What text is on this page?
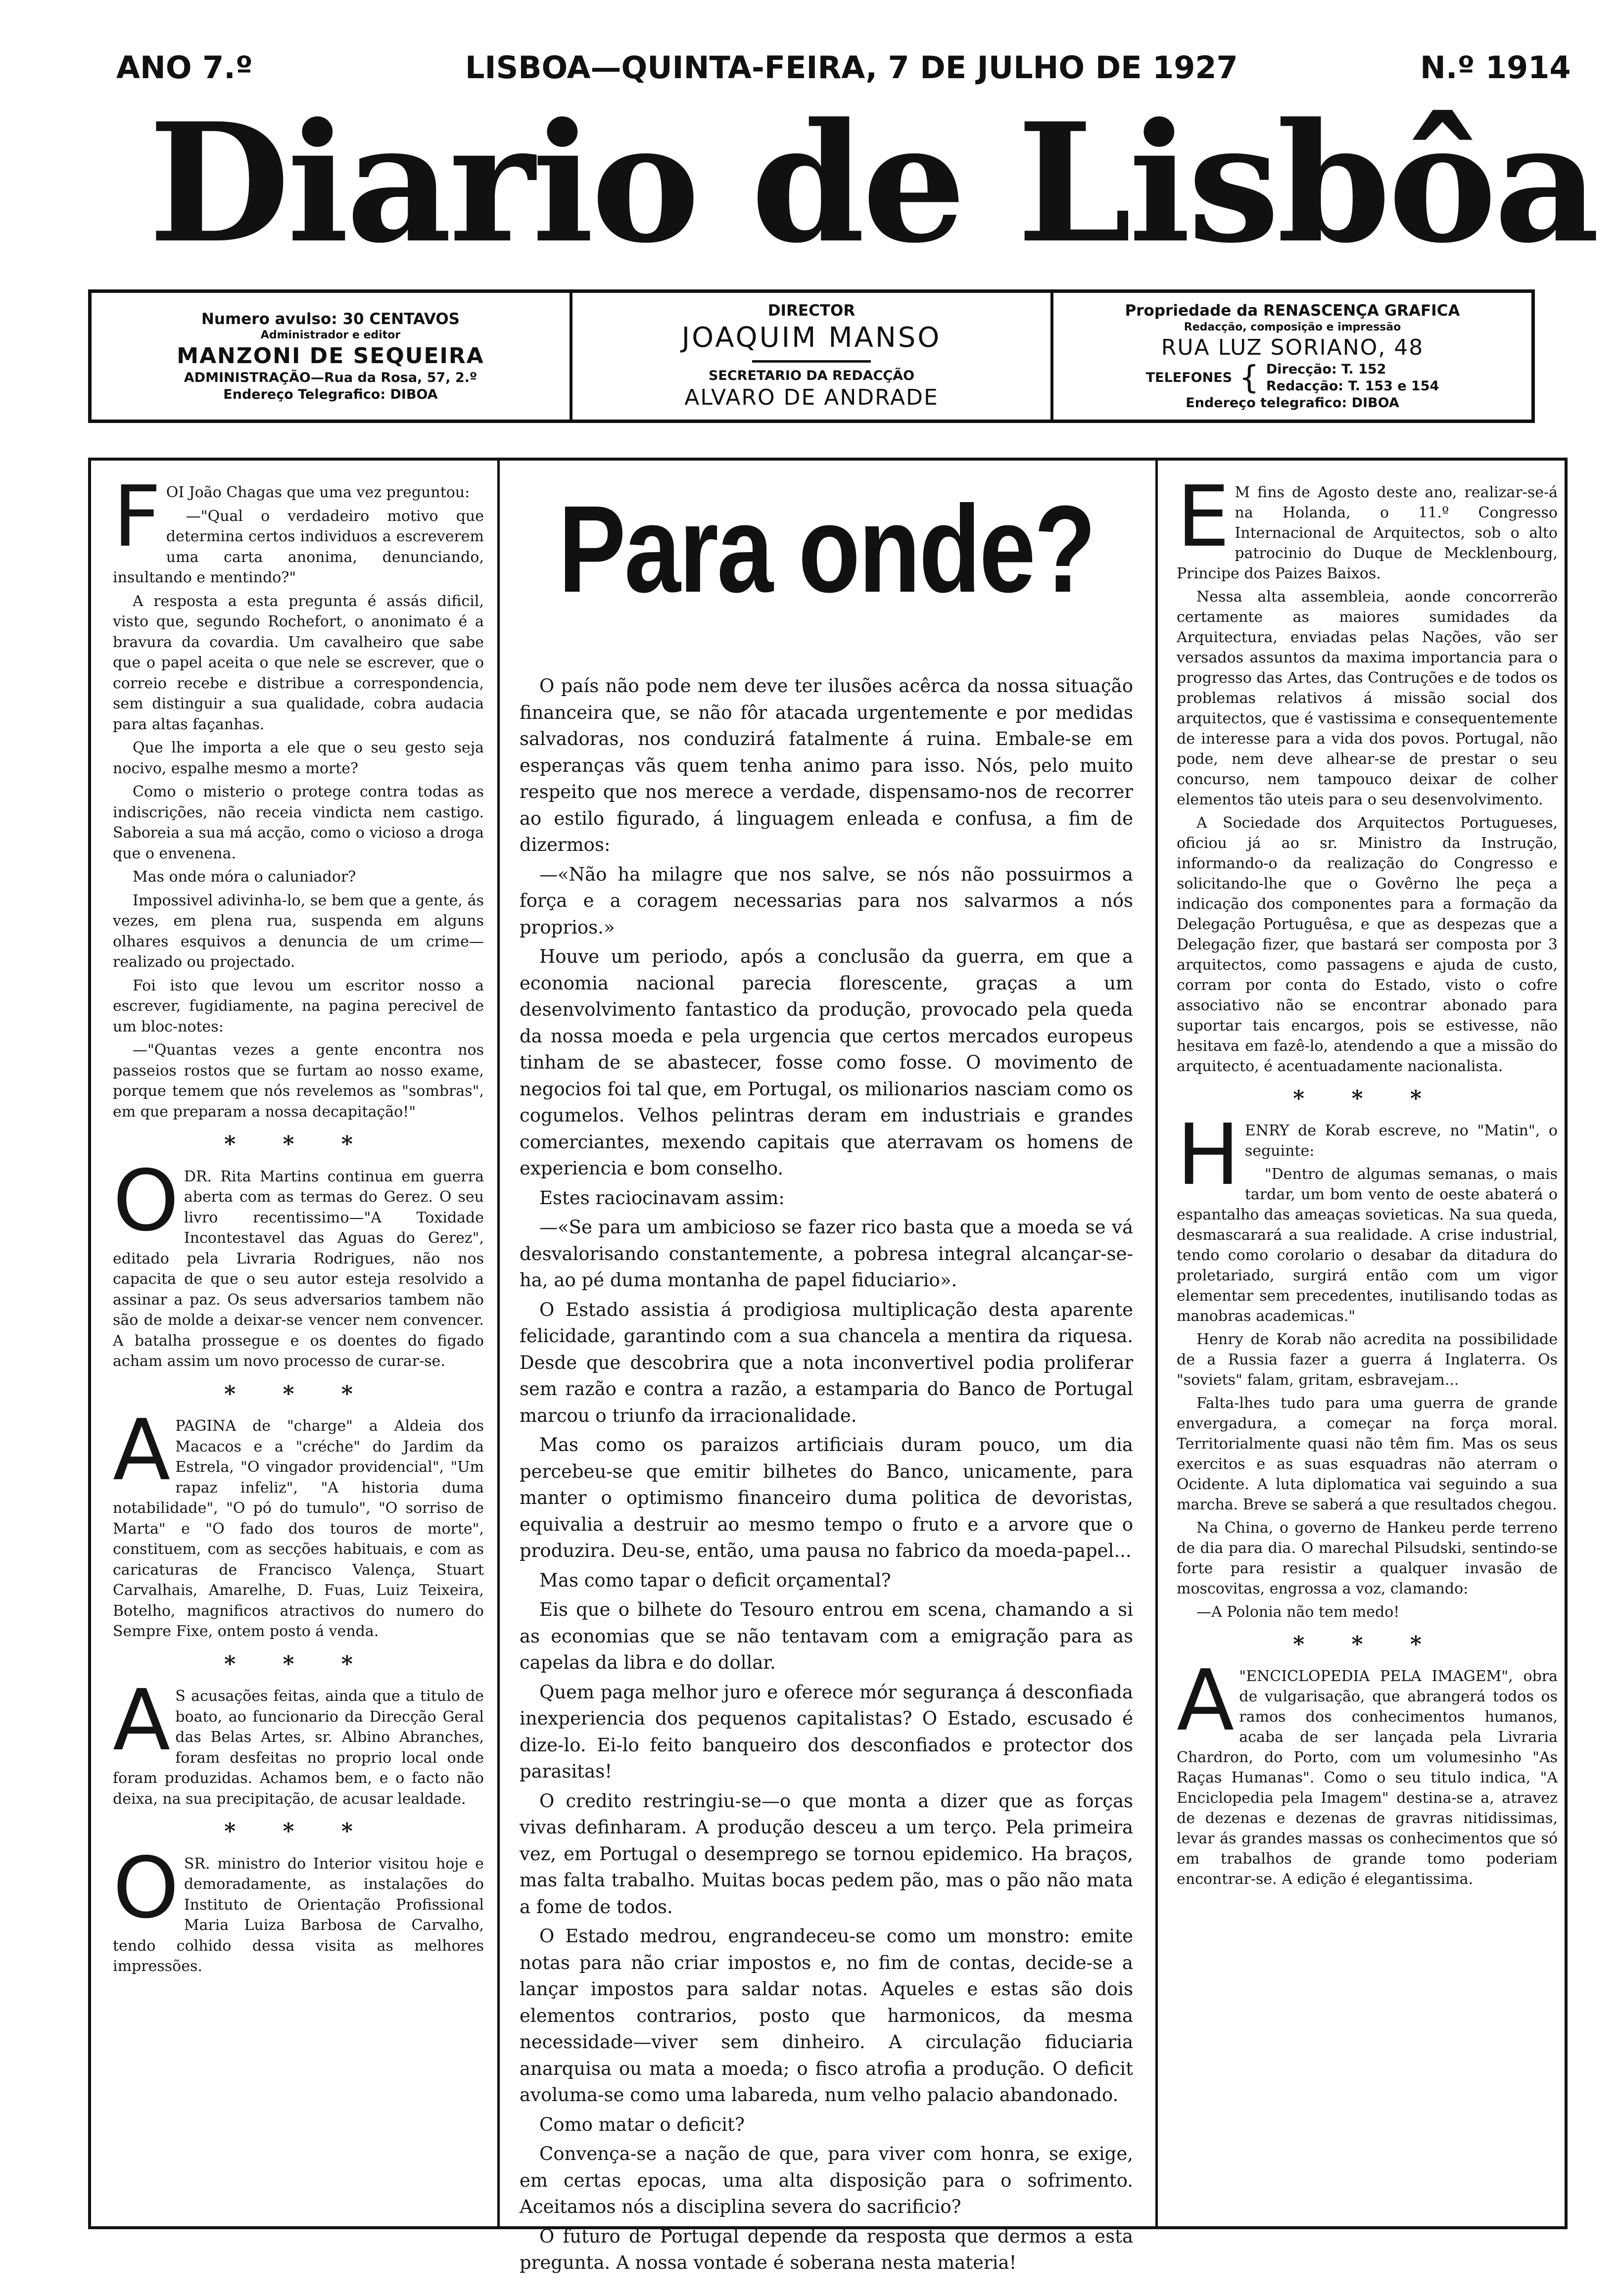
ANO 7.º	LISBOA—QUINTA-FEIRA, 7 DE JULHO DE 1927	N.º 1914
Diario de Lisbôa
Numero avulso: 30 CENTAVOS
Administrador e editor
MANZONI DE SEQUEIRA
ADMINISTRAÇÃO—Rua da Rosa, 57, 2.º
Endereço Telegrafico: DIBOA
DIRECTOR
JOAQUIM MANSO
SECRETARIO DA REDACÇÃO
ALVARO DE ANDRADE
Propriedade da RENASCENÇA GRAFICA
Redacção, composição e impressão
RUA LUZ SORIANO, 48
TELEFONES { Direcção: T. 152
Redacção: T. 153 e 154
Endereço telegrafico: DIBOA

FOI João Chagas que uma vez preguntou:

—"Qual o verdadeiro motivo que determina certos individuos a escreverem uma carta anonima, denunciando, insultando e mentindo?"

A resposta a esta pregunta é assás dificil, visto que, segundo Rochefort, o anonimato é a bravura da covardia. Um cavalheiro que sabe que o papel aceita o que nele se escrever, que o correio recebe e distribue a correspondencia, sem distinguir a sua qualidade, cobra audacia para altas façanhas.

Que lhe importa a ele que o seu gesto seja nocivo, espalhe mesmo a morte?

Como o misterio o protege contra todas as indiscrições, não receia vindicta nem castigo. Saboreia a sua má acção, como o vicioso a droga que o envenena.

Mas onde móra o caluniador?

Impossivel adivinha-lo, se bem que a gente, ás vezes, em plena rua, suspenda em alguns olhares esquivos a denuncia de um crime—realizado ou projectado.

Foi isto que levou um escritor nosso a escrever, fugidiamente, na pagina perecivel de um bloc-notes:

—"Quantas vezes a gente encontra nos passeios rostos que se furtam ao nosso exame, porque temem que nós revelemos as "sombras", em que preparam a nossa decapitação!"

* * *

ODR. Rita Martins continua em guerra aberta com as termas do Gerez. O seu livro recentissimo—"A Toxidade Incontestavel das Aguas do Gerez", editado pela Livraria Rodrigues, não nos capacita de que o seu autor esteja resolvido a assinar a paz. Os seus adversarios tambem não são de molde a deixar-se vencer nem convencer. A batalha prossegue e os doentes do figado acham assim um novo processo de curar-se.

* * *

APAGINA de "charge" a Aldeia dos Macacos e a "créche" do Jardim da Estrela, "O vingador providencial", "Um rapaz infeliz", "A historia duma notabilidade", "O pó do tumulo", "O sorriso de Marta" e "O fado dos touros de morte", constituem, com as secções habituais, e com as caricaturas de Francisco Valença, Stuart Carvalhais, Amarelhe, D. Fuas, Luiz Teixeira, Botelho, magnificos atractivos do numero do Sempre Fixe, ontem posto á venda.

* * *

AS acusações feitas, ainda que a titulo de boato, ao funcionario da Direcção Geral das Belas Artes, sr. Albino Abranches, foram desfeitas no proprio local onde foram produzidas. Achamos bem, e o facto não deixa, na sua precipitação, de acusar lealdade.

* * *

OSR. ministro do Interior visitou hoje e demoradamente, as instalações do Instituto de Orientação Profissional Maria Luiza Barbosa de Carvalho, tendo colhido dessa visita as melhores impressões.

Para onde?

O país não pode nem deve ter ilusões acêrca da nossa situação financeira que, se não fôr atacada urgentemente e por medidas salvadoras, nos conduzirá fatalmente á ruina. Embale-se em esperanças vãs quem tenha animo para isso. Nós, pelo muito respeito que nos merece a verdade, dispensamo-nos de recorrer ao estilo figurado, á linguagem enleada e confusa, a fim de dizermos:

—«Não ha milagre que nos salve, se nós não possuirmos a força e a coragem necessarias para nos salvarmos a nós proprios.»

Houve um periodo, após a conclusão da guerra, em que a economia nacional parecia florescente, graças a um desenvolvimento fantastico da produção, provocado pela queda da nossa moeda e pela urgencia que certos mercados europeus tinham de se abastecer, fosse como fosse. O movimento de negocios foi tal que, em Portugal, os milionarios nasciam como os cogumelos. Velhos pelintras deram em industriais e grandes comerciantes, mexendo capitais que aterravam os homens de experiencia e bom conselho.

Estes raciocinavam assim:

—«Se para um ambicioso se fazer rico basta que a moeda se vá desvalorisando constantemente, a pobresa integral alcançar-se-ha, ao pé duma montanha de papel fiduciario».

O Estado assistia á prodigiosa multiplicação desta aparente felicidade, garantindo com a sua chancela a mentira da riquesa. Desde que descobrira que a nota inconvertivel podia proliferar sem razão e contra a razão, a estamparia do Banco de Portugal marcou o triunfo da irracionalidade.

Mas como os paraizos artificiais duram pouco, um dia percebeu-se que emitir bilhetes do Banco, unicamente, para manter o optimismo financeiro duma politica de devoristas, equivalia a destruir ao mesmo tempo o fruto e a arvore que o produzira. Deu-se, então, uma pausa no fabrico da moeda-papel...

Mas como tapar o deficit orçamental?

Eis que o bilhete do Tesouro entrou em scena, chamando a si as economias que se não tentavam com a emigração para as capelas da libra e do dollar.

Quem paga melhor juro e oferece mór segurança á desconfiada inexperiencia dos pequenos capitalistas? O Estado, escusado é dize-lo. Ei-lo feito banqueiro dos desconfiados e protector dos parasitas!

O credito restringiu-se—o que monta a dizer que as forças vivas definharam. A produção desceu a um terço. Pela primeira vez, em Portugal o desemprego se tornou epidemico. Ha braços, mas falta trabalho. Muitas bocas pedem pão, mas o pão não mata a fome de todos.

O Estado medrou, engrandeceu-se como um monstro: emite notas para não criar impostos e, no fim de contas, decide-se a lançar impostos para saldar notas. Aqueles e estas são dois elementos contrarios, posto que harmonicos, da mesma necessidade—viver sem dinheiro. A circulação fiduciaria anarquisa ou mata a moeda; o fisco atrofia a produção. O deficit avoluma-se como uma labareda, num velho palacio abandonado.

Como matar o deficit?

Convença-se a nação de que, para viver com honra, se exige, em certas epocas, uma alta disposição para o sofrimento. Aceitamos nós a disciplina severa do sacrificio?

O futuro de Portugal depende da resposta que dermos a esta pregunta. A nossa vontade é soberana nesta materia!

EM fins de Agosto deste ano, realizar-se-á na Holanda, o 11.º Congresso Internacional de Arquitectos, sob o alto patrocinio do Duque de Mecklenbourg, Principe dos Paizes Baixos.

Nessa alta assembleia, aonde concorrerão certamente as maiores sumidades da Arquitectura, enviadas pelas Nações, vão ser versados assuntos da maxima importancia para o progresso das Artes, das Contruções e de todos os problemas relativos á missão social dos arquitectos, que é vastissima e consequentemente de interesse para a vida dos povos. Portugal, não pode, nem deve alhear-se de prestar o seu concurso, nem tampouco deixar de colher elementos tão uteis para o seu desenvolvimento.

A Sociedade dos Arquitectos Portugueses, oficiou já ao sr. Ministro da Instrução, informando-o da realização do Congresso e solicitando-lhe que o Govêrno lhe peça a indicação dos componentes para a formação da Delegação Portuguêsa, e que as despezas que a Delegação fizer, que bastará ser composta por 3 arquitectos, como passagens e ajuda de custo, corram por conta do Estado, visto o cofre associativo não se encontrar abonado para suportar tais encargos, pois se estivesse, não hesitava em fazê-lo, atendendo a que a missão do arquitecto, é acentuadamente nacionalista.

* * *

HENRY de Korab escreve, no "Matin", o seguinte:

"Dentro de algumas semanas, o mais tardar, um bom vento de oeste abaterá o espantalho das ameaças sovieticas. Na sua queda, desmascarará a sua realidade. A crise industrial, tendo como corolario o desabar da ditadura do proletariado, surgirá então com um vigor elementar sem precedentes, inutilisando todas as manobras academicas."

Henry de Korab não acredita na possibilidade de a Russia fazer a guerra á Inglaterra. Os "soviets" falam, gritam, esbravejam...

Falta-lhes tudo para uma guerra de grande envergadura, a começar na força moral. Territorialmente quasi não têm fim. Mas os seus exercitos e as suas esquadras não aterram o Ocidente. A luta diplomatica vai seguindo a sua marcha. Breve se saberá a que resultados chegou.

Na China, o governo de Hankeu perde terreno de dia para dia. O marechal Pilsudski, sentindo-se forte para resistir a qualquer invasão de moscovitas, engrossa a voz, clamando:

—A Polonia não tem medo!

* * *

A"ENCICLOPEDIA PELA IMAGEM", obra de vulgarisação, que abrangerá todos os ramos dos conhecimentos humanos, acaba de ser lançada pela Livraria Chardron, do Porto, com um volumesinho "As Raças Humanas". Como o seu titulo indica, "A Enciclopedia pela Imagem" destina-se a, atravez de dezenas e dezenas de gravras nitidissimas, levar ás grandes massas os conhecimentos que só em trabalhos de grande tomo poderiam encontrar-se. A edição é elegantissima.
